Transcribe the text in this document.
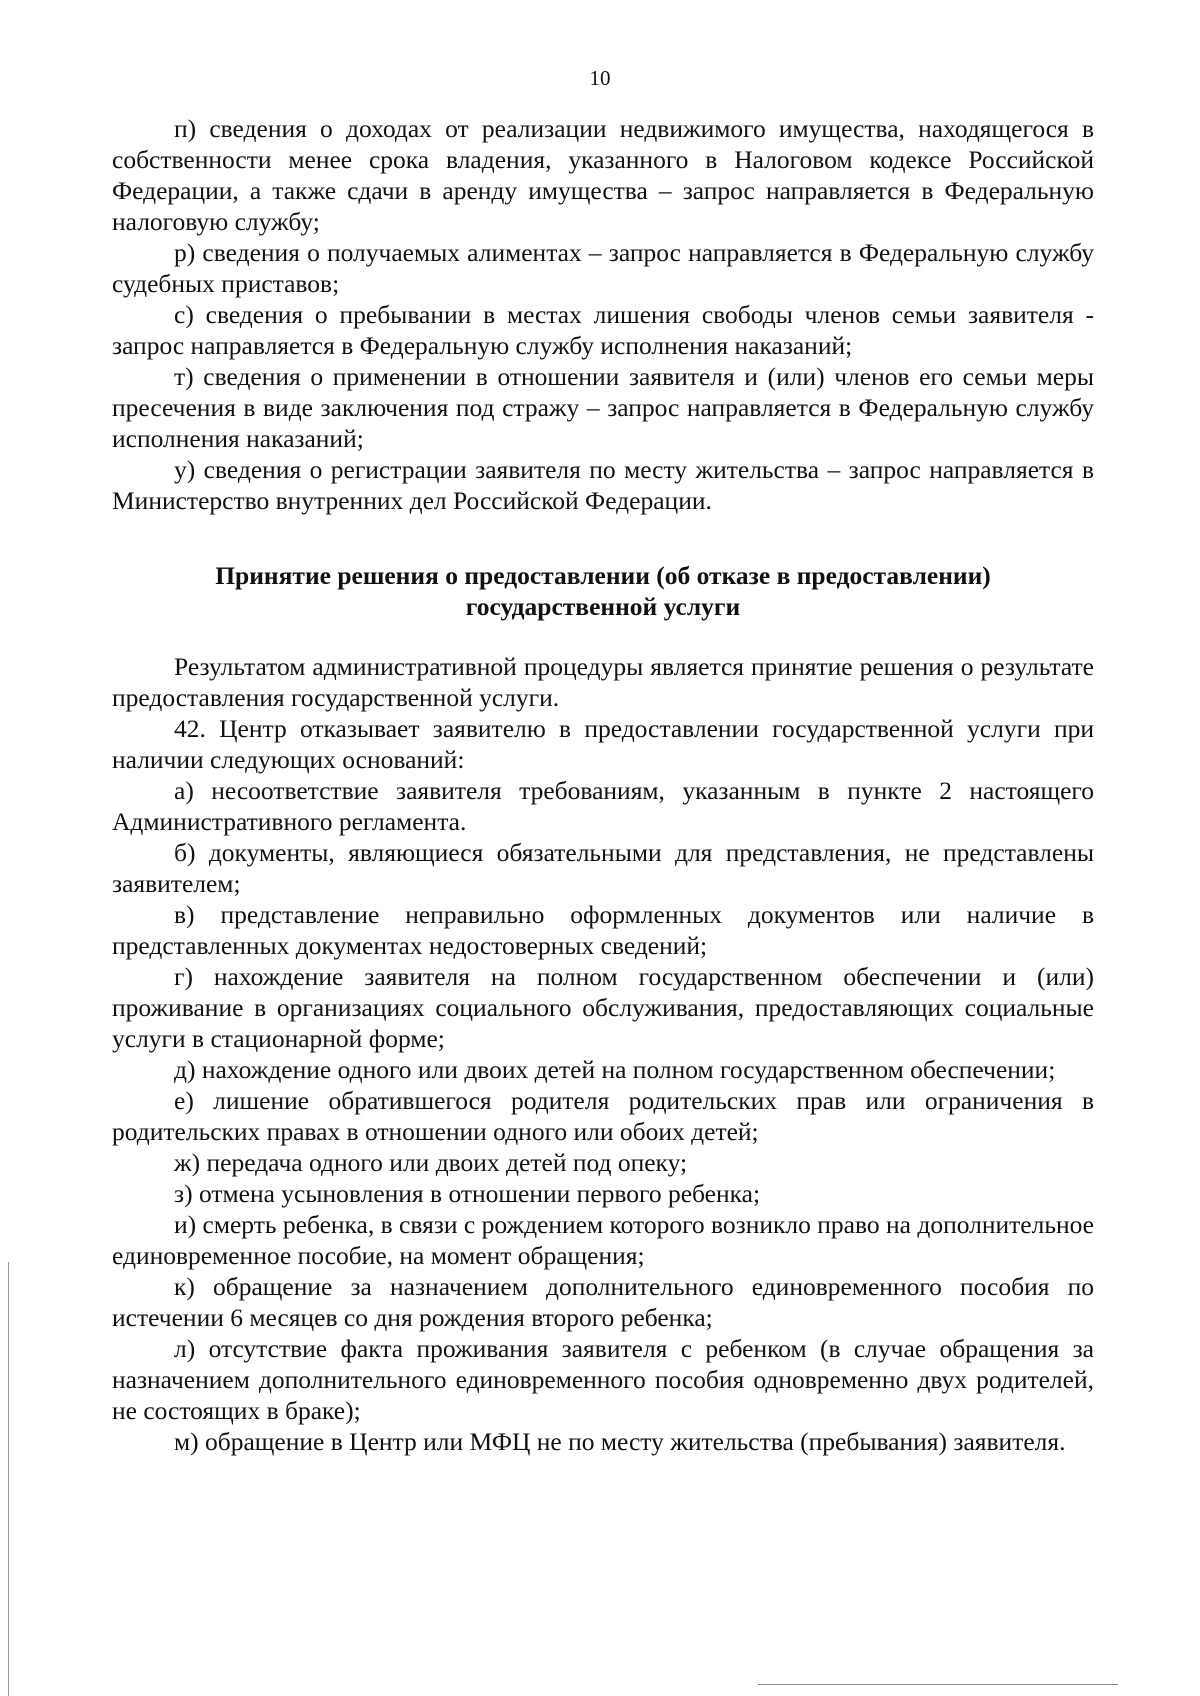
10

п) сведения о доходах от реализации недвижимого имущества, находящегося в собственности менее срока владения, указанного в Налоговом кодексе Российской Федерации, а также сдачи в аренду имущества – запрос направляется в Федеральную налоговую службу;

р) сведения о получаемых алиментах – запрос направляется в Федеральную службу судебных приставов;

с) сведения о пребывании в местах лишения свободы членов семьи заявителя - запрос направляется в Федеральную службу исполнения наказаний;

т) сведения о применении в отношении заявителя и (или) членов его семьи меры пресечения в виде заключения под стражу – запрос направляется в Федеральную службу исполнения наказаний;

у) сведения о регистрации заявителя по месту жительства – запрос направляется в Министерство внутренних дел Российской Федерации.

Принятие решения о предоставлении (об отказе в предоставлении)
государственной услуги

Результатом административной процедуры является принятие решения о результате предоставления государственной услуги.

42. Центр отказывает заявителю в предоставлении государственной услуги при наличии следующих оснований:

а) несоответствие заявителя требованиям, указанным в пункте 2 настоящего Административного регламента.

б) документы, являющиеся обязательными для представления, не представлены заявителем;

в) представление неправильно оформленных документов или наличие в представленных документах недостоверных сведений;

г) нахождение заявителя на полном государственном обеспечении и (или) проживание в организациях социального обслуживания, предоставляющих социальные услуги в стационарной форме;

д) нахождение одного или двоих детей на полном государственном обеспечении;

е) лишение обратившегося родителя родительских прав или ограничения в родительских правах в отношении одного или обоих детей;

ж) передача одного или двоих детей под опеку;

з) отмена усыновления в отношении первого ребенка;

и) смерть ребенка, в связи с рождением которого возникло право на дополнительное единовременное пособие, на момент обращения;

к) обращение за назначением дополнительного единовременного пособия по истечении 6 месяцев со дня рождения второго ребенка;

л) отсутствие факта проживания заявителя с ребенком (в случае обращения за назначением дополнительного единовременного пособия одновременно двух родителей, не состоящих в браке);

м) обращение в Центр или МФЦ не по месту жительства (пребывания) заявителя.
